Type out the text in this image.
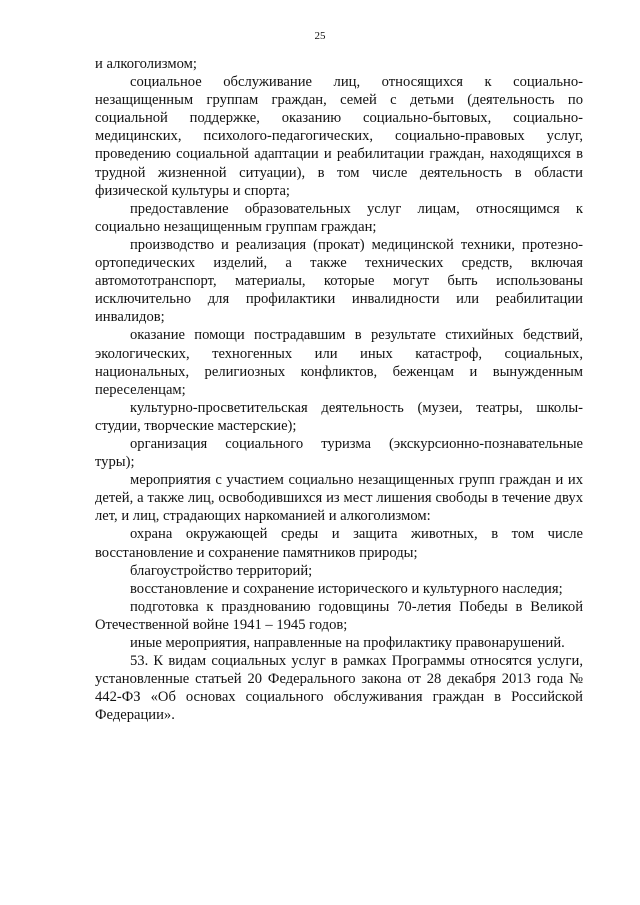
25

и алкоголизмом;

социальное обслуживание лиц, относящихся к социально-незащищенным группам граждан, семей с детьми (деятельность по социальной поддержке, оказанию социально-бытовых, социально-медицинских, психолого-педагогических, социально-правовых услуг, проведению социальной адаптации и реабилитации граждан, находящихся в трудной жизненной ситуации), в том числе деятельность в области физической культуры и спорта;

предоставление образовательных услуг лицам, относящимся к социально незащищенным группам граждан;

производство и реализация (прокат) медицинской техники, протезно-ортопедических изделий, а также технических средств, включая автомототранспорт, материалы, которые могут быть использованы исключительно для профилактики инвалидности или реабилитации инвалидов;

оказание помощи пострадавшим в результате стихийных бедствий, экологических, техногенных или иных катастроф, социальных, национальных, религиозных конфликтов, беженцам и вынужденным переселенцам;

культурно-просветительская деятельность (музеи, театры, школы-студии, творческие мастерские);

организация социального туризма (экскурсионно-познавательные туры);

мероприятия с участием социально незащищенных групп граждан и их детей, а также лиц, освободившихся из мест лишения свободы в течение двух лет, и лиц, страдающих наркоманией и алкоголизмом:

охрана окружающей среды и защита животных, в том числе восстановление и сохранение памятников природы;

благоустройство территорий;

восстановление и сохранение исторического и культурного наследия;

подготовка к празднованию годовщины 70-летия Победы в Великой Отечественной войне 1941 – 1945 годов;

иные мероприятия, направленные на профилактику правонарушений.

53. К видам социальных услуг в рамках Программы относятся услуги, установленные статьей 20 Федерального закона от 28 декабря 2013 года № 442-ФЗ «Об основах социального обслуживания граждан в Российской Федерации».
